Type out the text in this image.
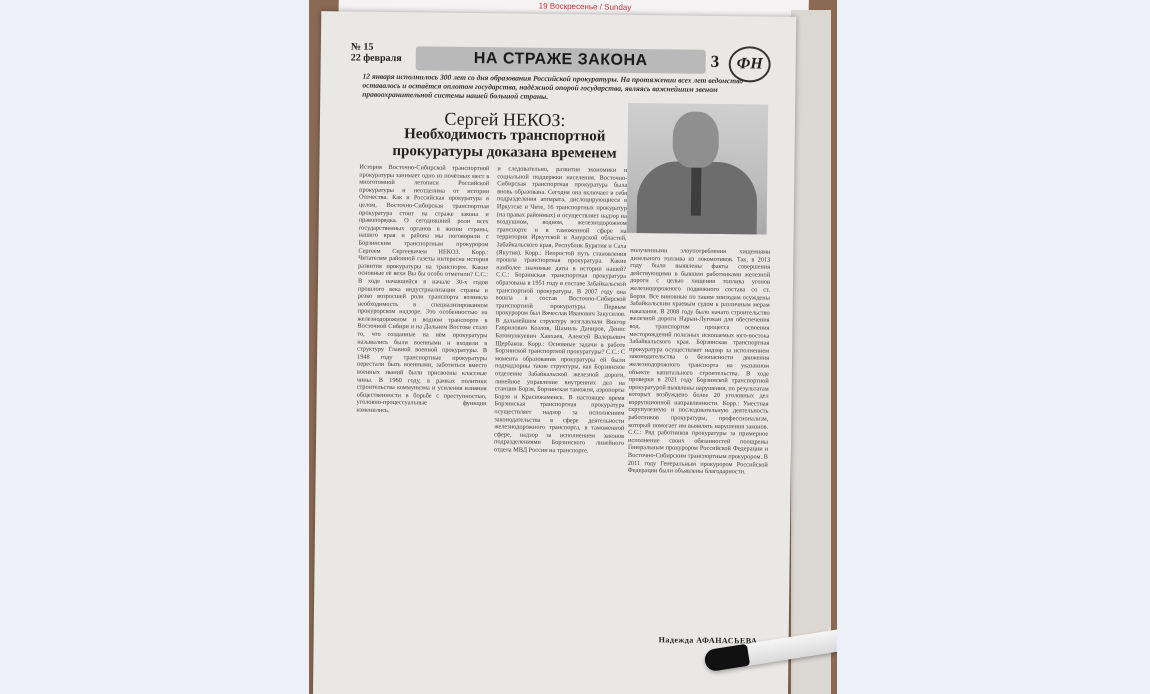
19 Воскресенье / Sunday
№ 15
22 февраля	НА СТРАЖЕ ЗАКОНА	3	ФН
12 января исполнилось 300 лет со дня образования Российской прокуратуры. На протяжении всех лет ведомство оставалось и остаётся оплотом государства, надёжной опорой государства, являясь важнейшим звеном правоохранительной системы нашей большой страны.
Сергей НЕКОЗ:
Необходимость транспортной прокуратуры доказана временем
История Восточно-Сибирской транспортной прокуратуры занимает одно из почётных мест в многотомной летописи Российской прокуратуры и неотделима от истории Отечества. Как и Российская прокуратура в целом, Восточно-Сибирская транспортная прокуратура стоит на страже закона и правопорядка. О сегодняшней роли всех государственных органов в жизни страны, нашего края и района мы поговорили с Борзинским транспортным прокурором Сергеем Сергеевичем НЕКОЗ. Корр.: Читателям районной газеты интересна история развития прокуратуры на транспорте. Какие основные её вехи Вы бы особо отметили? С.С.: В ходе начавшейся в начале 30-х годов прошлого века индустриализации страны и резко возросшей роли транспорта возникла необходимость в специализированном прокурорском надзоре. Это особенностью на железнодорожном и водном транспорте в Восточной Сибири и на Дальнем Востоке стало то, что созданные на нём прокуратуры назывались были военными и входили в структуру Главной военной прокуратуры. В 1948 году транспортные прокуратуры перестали быть военными, заботиться вместо военных званий были присвоены классные чины. В 1960 году, в рамках политики строительства коммунизма и усиления влияния общественности в борьбе с преступностью, уголовно-процессуальные функции изменились.
и следовательно, развития экономики и социальной поддержки населения. Восточно-Сибирская транспортная прокуратура была вновь образована. Сегодня она включает в себя подразделения аппарата, дислоцирующиеся в Иркутске и Чите, 16 транспортных прокуратур (на правах районных) и осуществляет надзор на воздушном, водном, железнодорожном транспорте и в таможенной сфере на территории Иркутской и Амурской областей, Забайкальского края, Республик Бурятия и Саха (Якутия). Корр.: Непростой путь становления прошла транспортная прокуратура. Какие наиболее значимые даты в истории нашей? С.С.: Борзинская транспортная прокуратура образована в 1951 году в составе Забайкальской транспортной прокуратуры. В 2007 году она вошла в состав Восточно-Сибирской транспортной прокуратуры. Первым прокурором был Вячеслав Иванович Закусилов. В дальнейшем структуру возглавляли Виктор Гаврилович Козлов, Шамиль Даниров, Денис Батомункуевич Ханхаев, Алексей Валерьевич Щербаков. Корр.: Основные задачи в работе Борзинской транспортной прокуратуры? С.С.: С момента образования прокуратуры ей были поднадзорны такие структуры, как Борзинское отделение Забайкальской железной дороги, линейное управление внутренних дел на станции Борзя, Борзинская таможня, аэропорты Борзя и Краснокаменск. В настоящее время Борзинская транспортная прокуратура осуществляет надзор за исполнением законодательства в сфере деятельности железнодорожного транспорта, в таможенной сфере, надзор за исполнением законов подразделениями Борзинского линейного отдела МВД России на транспорте.
полученными злоупотребления хищениями дизельного топлива из локомотивов. Так, в 2013 году были выявлены факты совершения действующими в бывшем работниками железной дороги с целью хищения топлива угонов железнодорожного подвижного состава со ст. Борзя. Все виновные по таким эпизодам осуждены Забайкальским краевым судом к различным мерам наказания. В 2008 году было начато строительство железной дороги Нарын-Лугокан для обеспечения вод. транспортом процесса освоения месторождений полезных ископаемых юго-востока Забайкальского края. Борзинская транспортная прокуратура осуществляет надзор за исполнением законодательства о безопасности движения железнодорожного транспорта на указанном объекте капитального строительства. В ходе проверки в 2021 году Борзинской транспортной прокуратурой выявлены нарушения, по результатам которых возбуждено более 20 уголовных дел коррупционной направленности. Корр.: Уместная скрупулезную и последовательную деятельность работников прокуратуры, профессионализм, который помогает им выявлять нарушения законов. С.С.: Ряд работников прокуратуры за примерное исполнение своих обязанностей поощрены Генеральным прокурором Российской Федерации и Восточно-Сибирским транспортным прокурором. В 2011 году Генеральным прокурором Российской Федерации были объявлены благодарности.
Надежда АФАНАСЬЕВА
